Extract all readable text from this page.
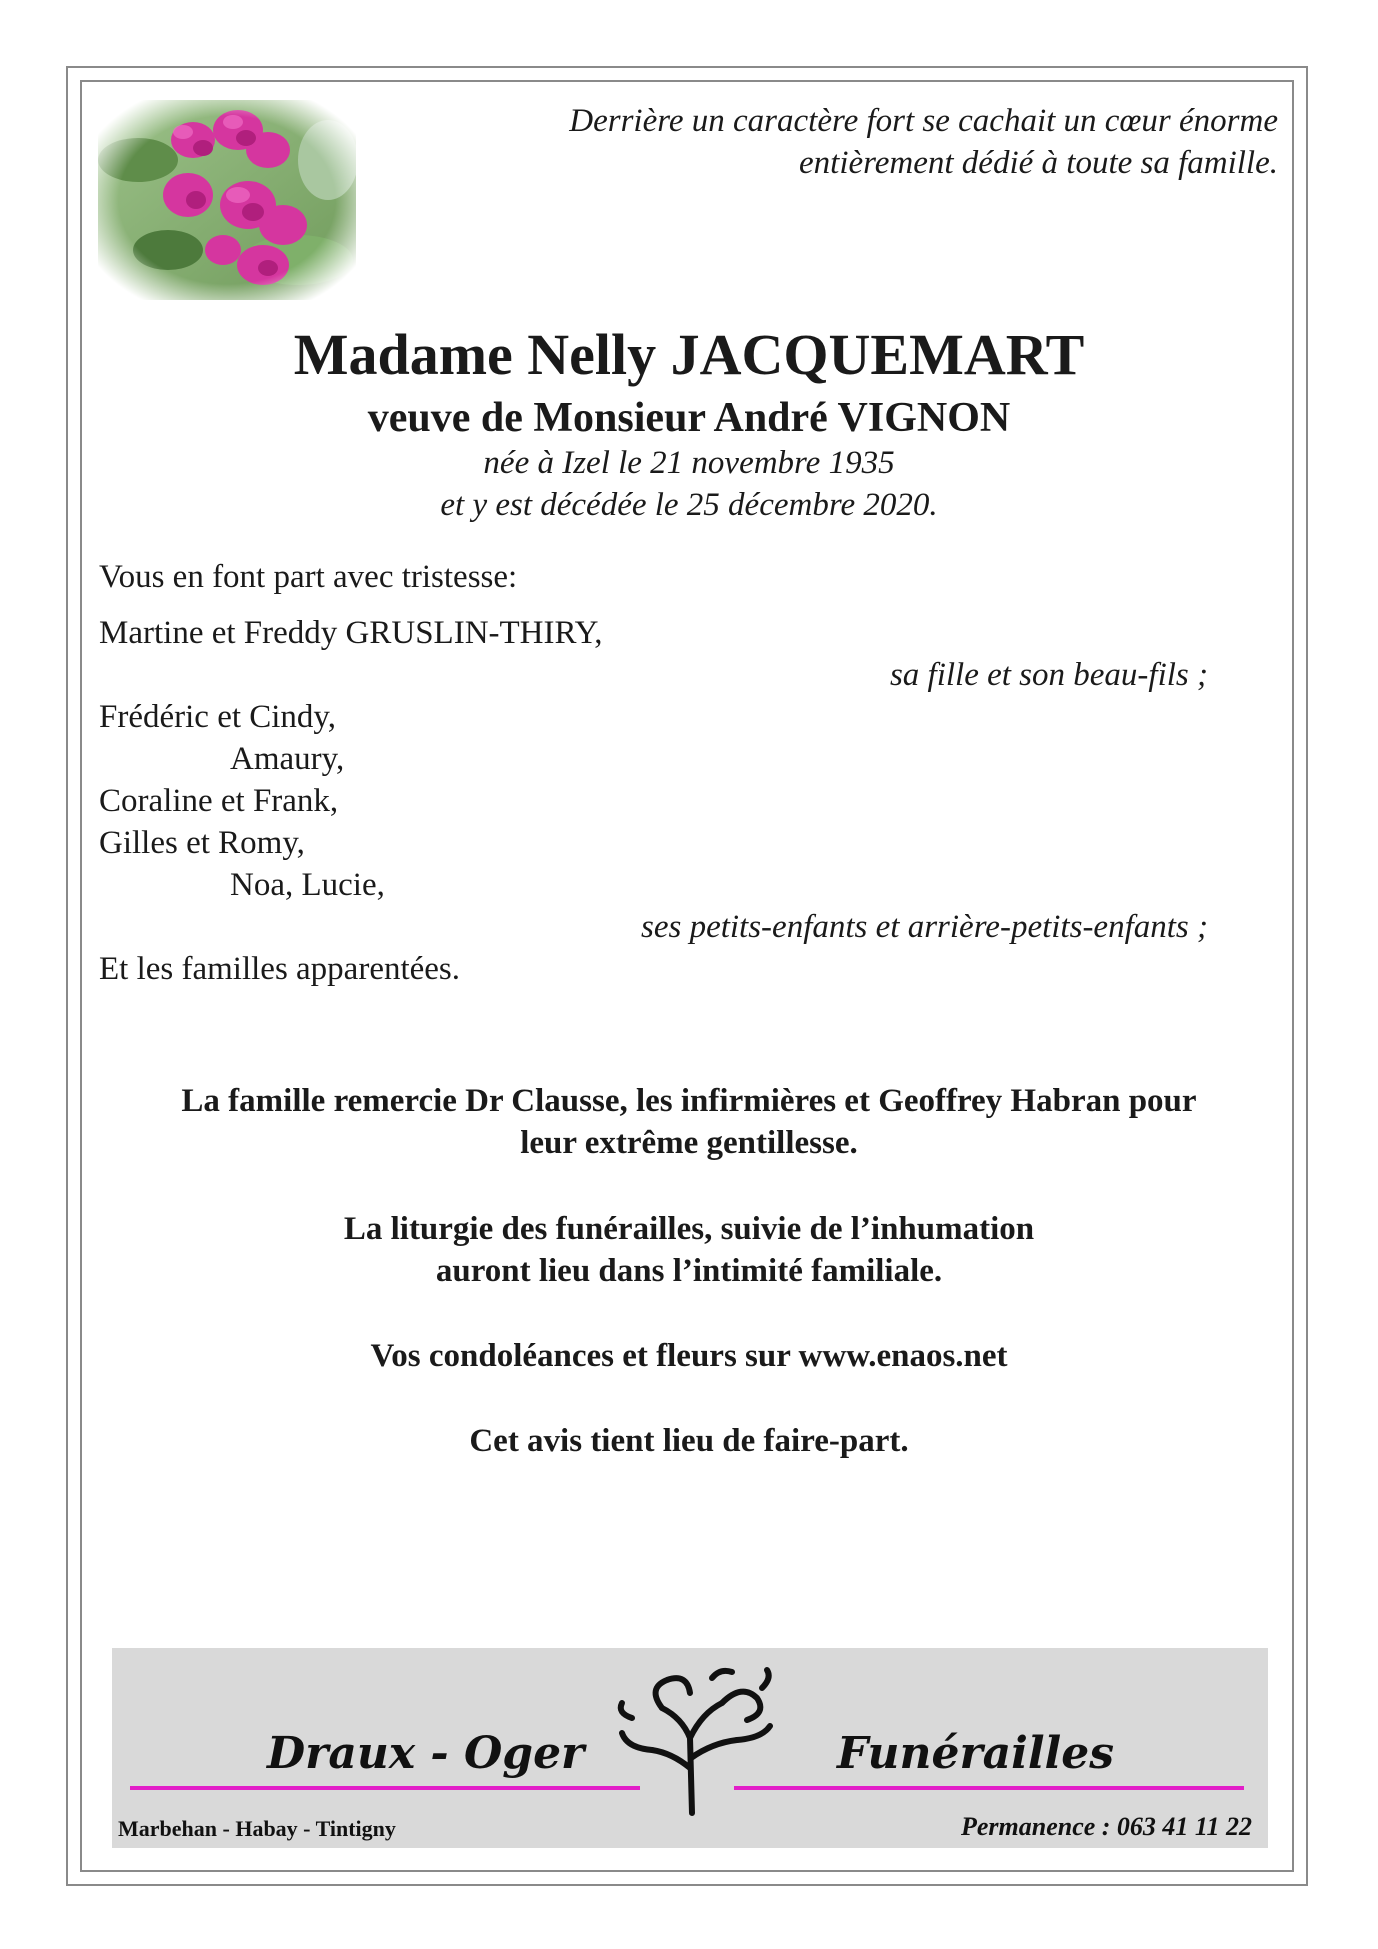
Derrière un caractère fort se cachait un cœur énorme
entièrement dédié à toute sa famille.
Madame Nelly JACQUEMART
veuve de Monsieur André VIGNON
née à Izel le 21 novembre 1935
et y est décédée le 25 décembre 2020.
Vous en font part avec tristesse:
Martine et Freddy GRUSLIN-THIRY,
sa fille et son beau-fils ;
Frédéric et Cindy,
Amaury,
Coraline et Frank,
Gilles et Romy,
Noa, Lucie,
ses petits-enfants et arrière-petits-enfants ;
Et les familles apparentées.
La famille remercie Dr Clausse, les infirmières et Geoffrey Habran pour
leur extrême gentillesse.
La liturgie des funérailles, suivie de l’inhumation
auront lieu dans l’intimité familiale.
Vos condoléances et fleurs sur www.enaos.net
Cet avis tient lieu de faire-part.
Draux - Oger	Funérailles
Marbehan - Habay - Tintigny	Permanence : 063 41 11 22
